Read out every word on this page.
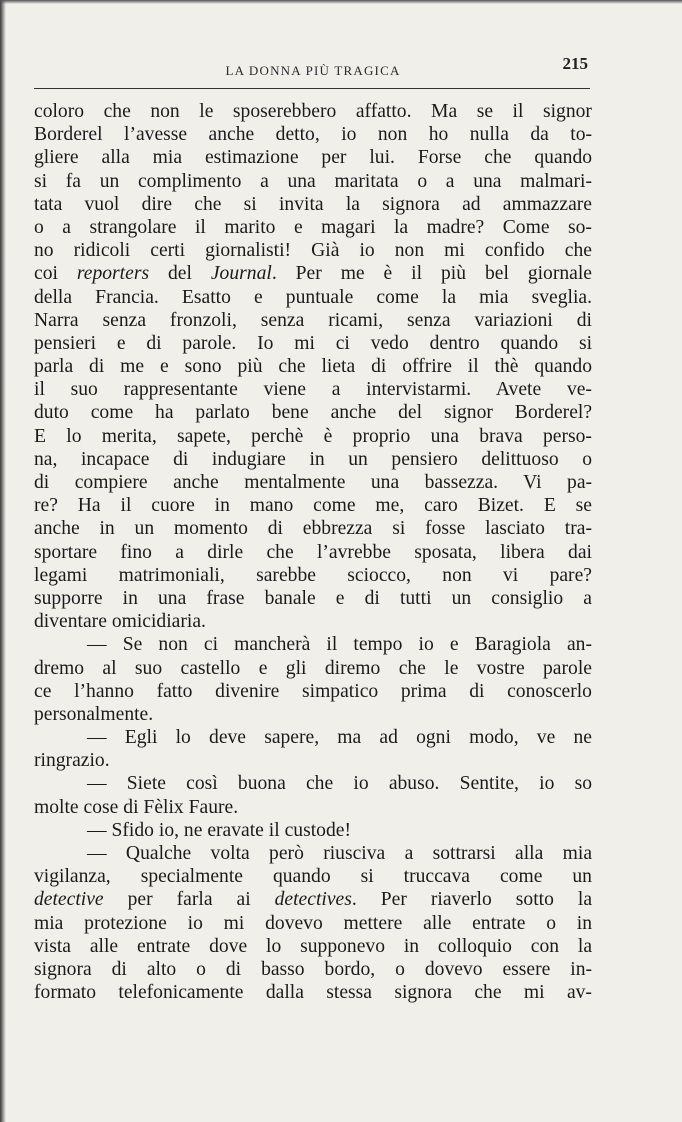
LA DONNA PIÙ TRAGICA	215
coloro che non le sposerebbero affatto. Ma se il signor
Borderel l’avesse anche detto, io non ho nulla da to-
gliere alla mia estimazione per lui. Forse che quando
si fa un complimento a una maritata o a una malmari-
tata vuol dire che si invita la signora ad ammazzare
o a strangolare il marito e magari la madre? Come so-
no ridicoli certi giornalisti! Già io non mi confido che
coi reporters del Journal. Per me è il più bel giornale
della Francia. Esatto e puntuale come la mia sveglia.
Narra senza fronzoli, senza ricami, senza variazioni di
pensieri e di parole. Io mi ci vedo dentro quando si
parla di me e sono più che lieta di offrire il thè quando
il suo rappresentante viene a intervistarmi. Avete ve-
duto come ha parlato bene anche del signor Borderel?
E lo merita, sapete, perchè è proprio una brava perso-
na, incapace di indugiare in un pensiero delittuoso o
di compiere anche mentalmente una bassezza. Vi pa-
re? Ha il cuore in mano come me, caro Bizet. E se
anche in un momento di ebbrezza si fosse lasciato tra-
sportare fino a dirle che l’avrebbe sposata, libera dai
legami matrimoniali, sarebbe sciocco, non vi pare?
supporre in una frase banale e di tutti un consiglio a
diventare omicidiaria.
— Se non ci mancherà il tempo io e Baragiola an-
dremo al suo castello e gli diremo che le vostre parole
ce l’hanno fatto divenire simpatico prima di conoscerlo
personalmente.
— Egli lo deve sapere, ma ad ogni modo, ve ne
ringrazio.
— Siete così buona che io abuso. Sentite, io so
molte cose di Fèlix Faure.
— Sfido io, ne eravate il custode!
— Qualche volta però riusciva a sottrarsi alla mia
vigilanza, specialmente quando si truccava come un
detective per farla ai detectives. Per riaverlo sotto la
mia protezione io mi dovevo mettere alle entrate o in
vista alle entrate dove lo supponevo in colloquio con la
signora di alto o di basso bordo, o dovevo essere in-
formato telefonicamente dalla stessa signora che mi av-
